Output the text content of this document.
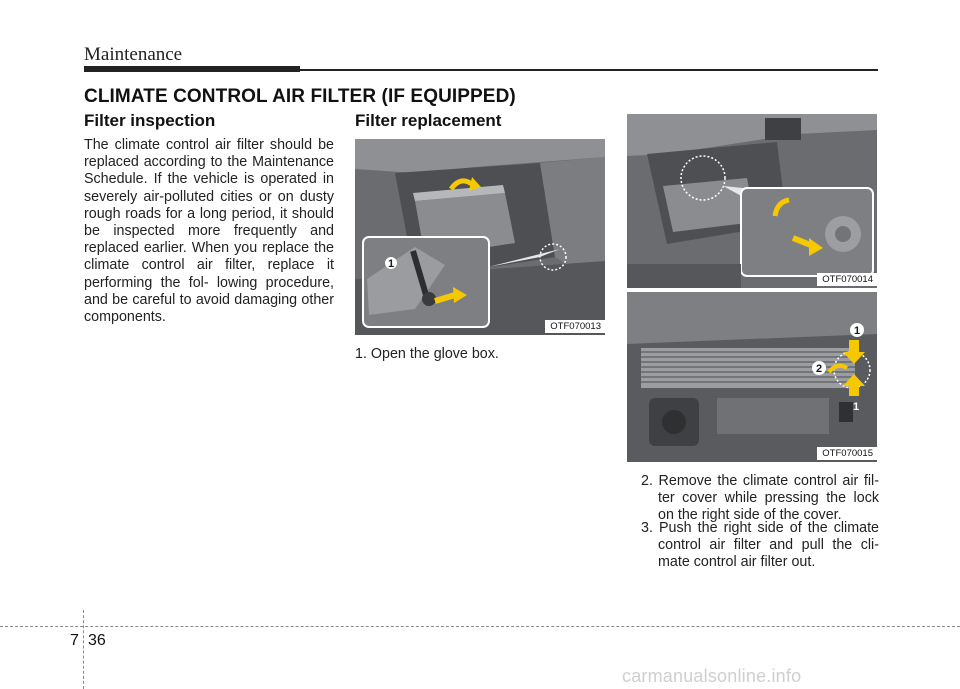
Maintenance
CLIMATE CONTROL AIR FILTER (IF EQUIPPED)
Filter inspection

The climate control air filter should be replaced according to the Maintenance Schedule. If the vehicle is operated in severely air-polluted cities or on dusty rough roads for a long period, it should be inspected more frequently and replaced earlier. When you replace the climate control air filter, replace it performing the fol- lowing procedure, and be careful to avoid damaging other components.

Filter replacement
1
OTF070013
1. Open the glove box.
OTF070014
1
2
1
OTF070015
2. Remove the climate control air fil- ter cover while pressing the lock on the right side of the cover.
3. Push the right side of the climate control air filter and pull the cli- mate control air filter out.
7 36
carmanualsonline.info
